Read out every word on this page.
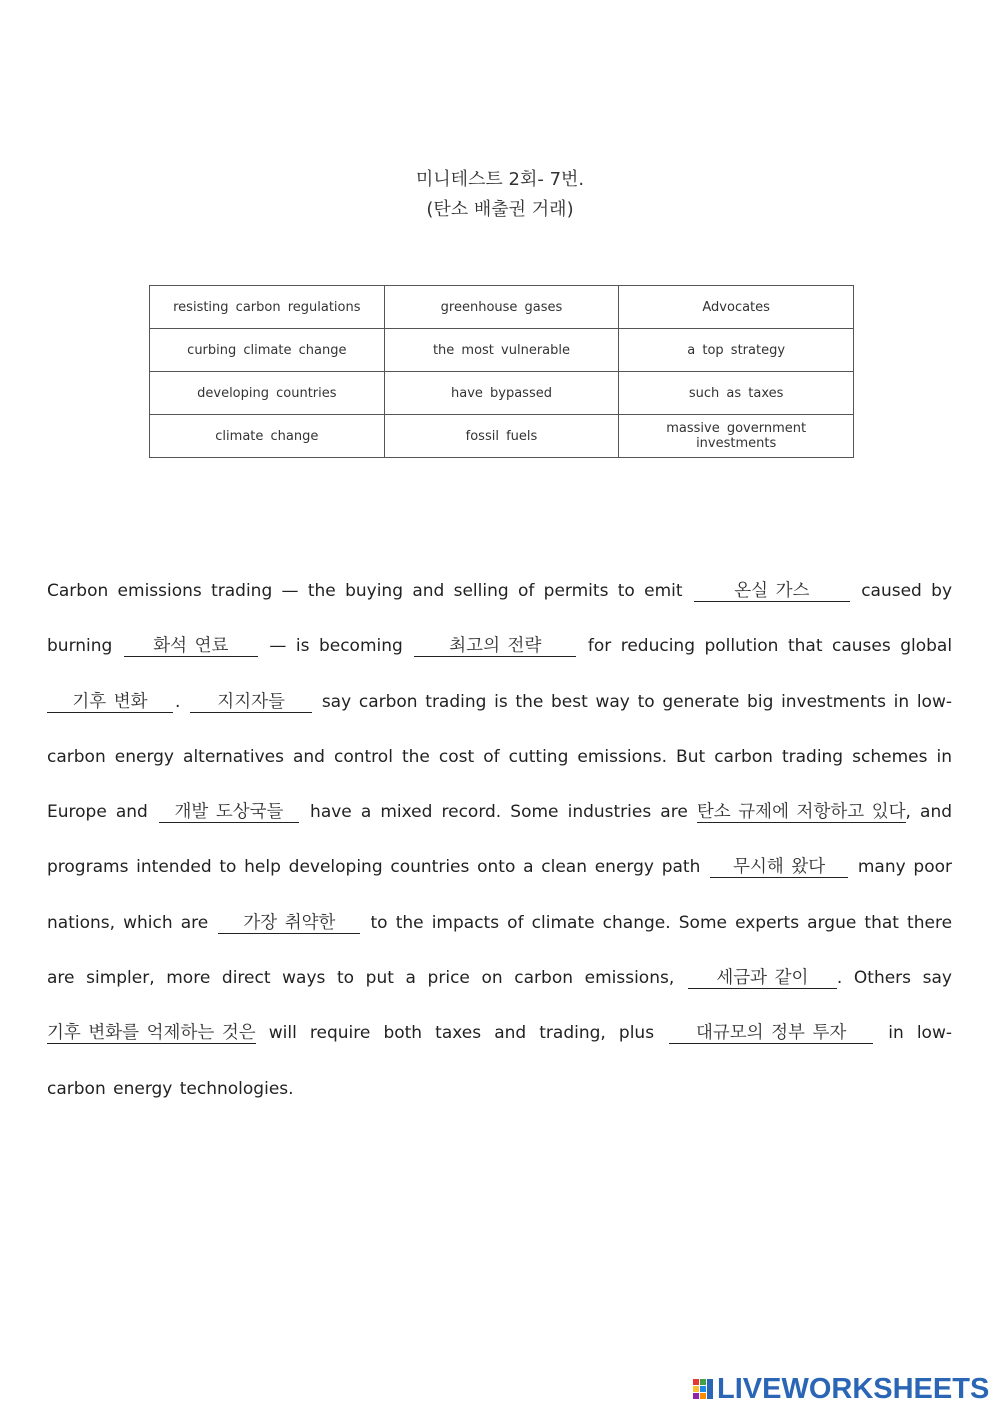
미니테스트 2회- 7번.
(탄소 배출권 거래)
resisting carbon regulations	greenhouse gases	Advocates
curbing climate change	the most vulnerable	a top strategy
developing countries	have bypassed	such as taxes
climate change	fossil fuels	massive government investments
Carbon emissions trading — the buying and selling of permits to emit	온실 가스	caused by burning 화석 연료 — is becoming	최고의 전략	for reducing pollution that causes global 기후 변화 . 지지자들 say carbon trading is the best way to generate big investments in low-carbon energy alternatives and control the cost of cutting emissions. But carbon trading schemes in Europe and 개발 도상국들 have a mixed record. Some industries are 탄소 규제에 저항하고 있다, and programs intended to help developing countries onto a clean energy path 무시해 왔다 many poor nations, which are 가장 취약한 to the impacts of climate change. Some experts argue that there are simpler, more direct ways to put a price on carbon emissions, 세금과 같이 . Others say 기후 변화를 억제하는 것은 will require both taxes and trading, plus 대규모의 정부 투자 in low-carbon energy technologies.
LIVEWORKSHEETS
